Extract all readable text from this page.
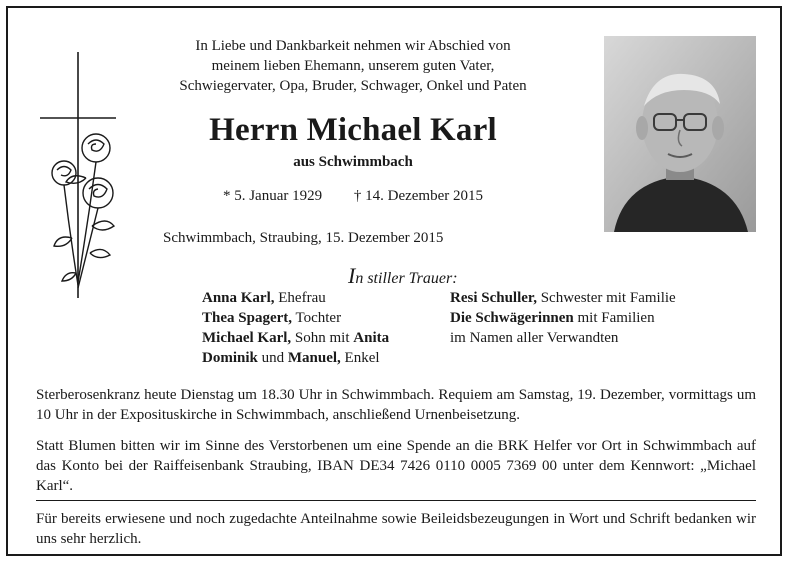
In Liebe und Dankbarkeit nehmen wir Abschied von
meinem lieben Ehemann, unserem guten Vater,
Schwiegervater, Opa, Bruder, Schwager, Onkel und Paten
Herrn Michael Karl
aus Schwimmbach
* 5. Januar 1929 † 14. Dezember 2015
Schwimmbach, Straubing, 15. Dezember 2015
In stiller Trauer:
Anna Karl, Ehefrau
Thea Spagert, Tochter
Michael Karl, Sohn mit Anita
Dominik und Manuel, Enkel
Resi Schuller, Schwester mit Familie
Die Schwägerinnen mit Familien
im Namen aller Verwandten
Sterberosenkranz heute Dienstag um 18.30 Uhr in Schwimmbach. Requiem am Samstag, 19. Dezember, vormittags um 10 Uhr in der Exposituskirche in Schwimmbach, anschließend Urnenbeisetzung.
Statt Blumen bitten wir im Sinne des Verstorbenen um eine Spende an die BRK Helfer vor Ort in Schwimmbach auf das Konto bei der Raiffeisenbank Straubing, IBAN DE34 7426 0110 0005 7369 00 unter dem Kennwort: „Michael Karl“.
Für bereits erwiesene und noch zugedachte Anteilnahme sowie Beileidsbezeugungen in Wort und Schrift bedanken wir uns sehr herzlich.
